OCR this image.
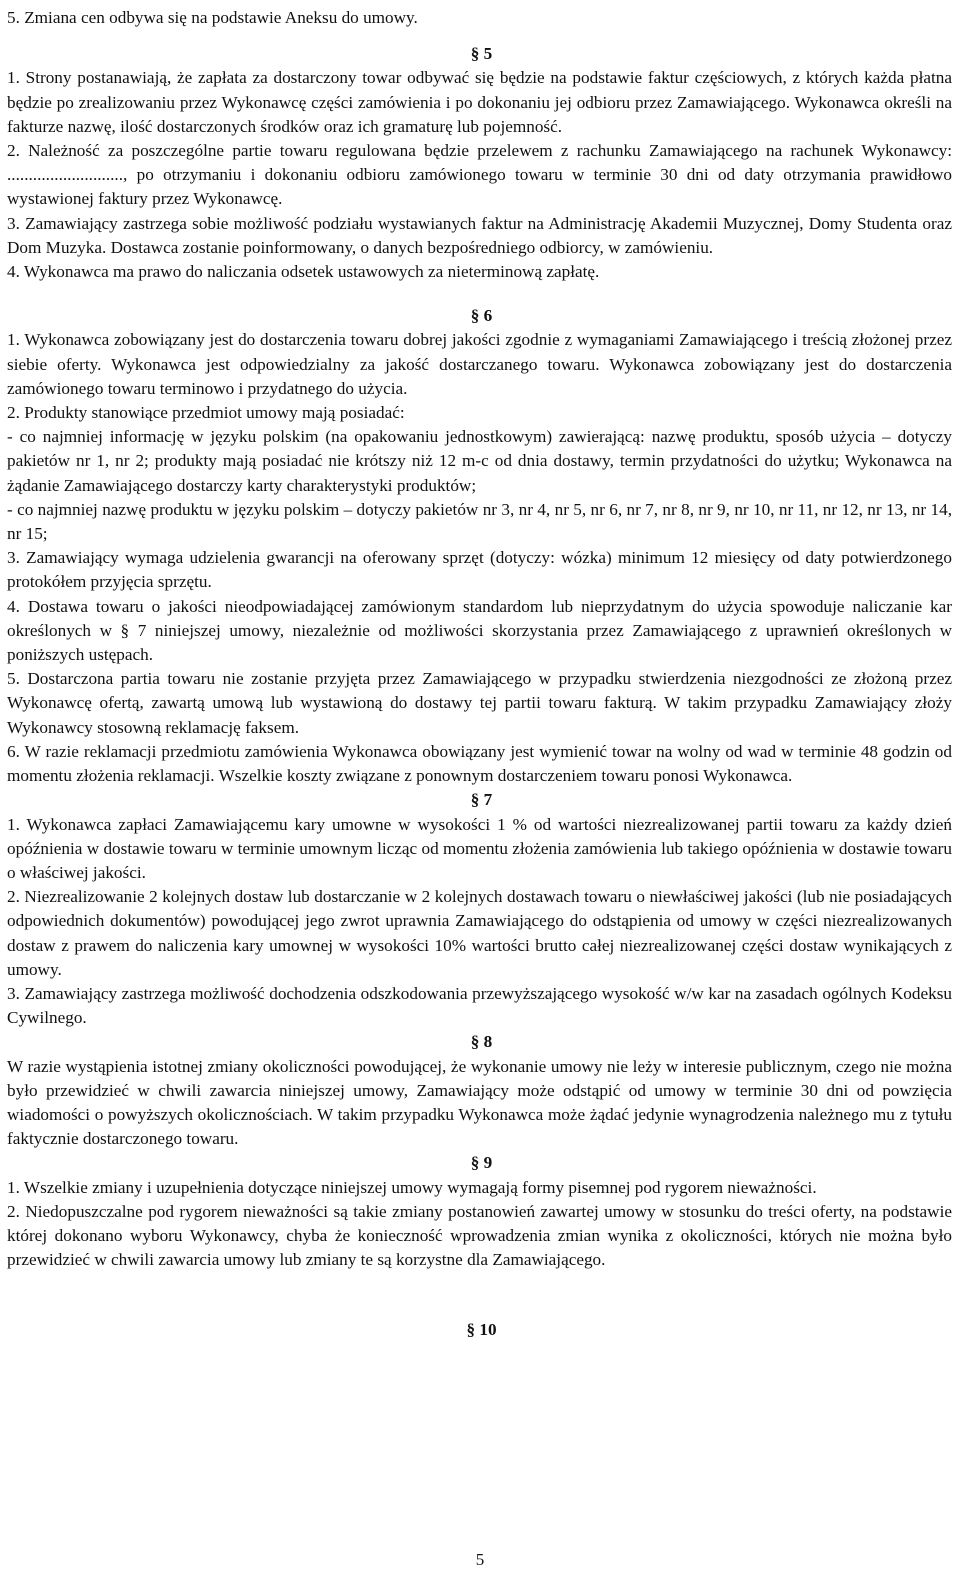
5. Zmiana cen odbywa się na podstawie Aneksu do umowy.

§ 5

1. Strony postanawiają, że zapłata za dostarczony towar odbywać się będzie na podstawie faktur częściowych, z których każda płatna będzie po zrealizowaniu przez Wykonawcę części zamówienia i po dokonaniu jej odbioru przez Zamawiającego. Wykonawca określi na fakturze nazwę, ilość dostarczonych środków oraz ich gramaturę lub pojemność.

2. Należność za poszczególne partie towaru regulowana będzie przelewem z rachunku Zamawiającego na rachunek Wykonawcy: ..........................., po otrzymaniu i dokonaniu odbioru zamówionego towaru w terminie 30 dni od daty otrzymania prawidłowo wystawionej faktury przez Wykonawcę.

3. Zamawiający zastrzega sobie możliwość podziału wystawianych faktur na Administrację Akademii Muzycznej, Domy Studenta oraz Dom Muzyka. Dostawca zostanie poinformowany, o danych bezpośredniego odbiorcy, w zamówieniu.

4. Wykonawca ma prawo do naliczania odsetek ustawowych za nieterminową zapłatę.

§ 6

1. Wykonawca zobowiązany jest do dostarczenia towaru dobrej jakości zgodnie z wymaganiami Zamawiającego i treścią złożonej przez siebie oferty. Wykonawca jest odpowiedzialny za jakość dostarczanego towaru. Wykonawca zobowiązany jest do dostarczenia zamówionego towaru terminowo i przydatnego do użycia.

2. Produkty stanowiące przedmiot umowy mają posiadać:

- co najmniej informację w języku polskim (na opakowaniu jednostkowym) zawierającą: nazwę produktu, sposób użycia – dotyczy pakietów nr 1, nr 2; produkty mają posiadać nie krótszy niż 12 m-c od dnia dostawy, termin przydatności do użytku; Wykonawca na żądanie Zamawiającego dostarczy karty charakterystyki produktów;

- co najmniej nazwę produktu w języku polskim – dotyczy pakietów nr 3, nr 4, nr 5, nr 6, nr 7, nr 8, nr 9, nr 10, nr 11, nr 12, nr 13, nr 14, nr 15;

3. Zamawiający wymaga udzielenia gwarancji na oferowany sprzęt (dotyczy: wózka) minimum 12 miesięcy od daty potwierdzonego protokółem przyjęcia sprzętu.

4. Dostawa towaru o jakości nieodpowiadającej zamówionym standardom lub nieprzydatnym do użycia spowoduje naliczanie kar określonych w § 7 niniejszej umowy, niezależnie od możliwości skorzystania przez Zamawiającego z uprawnień określonych w poniższych ustępach.

5. Dostarczona partia towaru nie zostanie przyjęta przez Zamawiającego w przypadku stwierdzenia niezgodności ze złożoną przez Wykonawcę ofertą, zawartą umową lub wystawioną do dostawy tej partii towaru fakturą. W takim przypadku Zamawiający złoży Wykonawcy stosowną reklamację faksem.

6. W razie reklamacji przedmiotu zamówienia Wykonawca obowiązany jest wymienić towar na wolny od wad w terminie 48 godzin od momentu złożenia reklamacji. Wszelkie koszty związane z ponownym dostarczeniem towaru ponosi Wykonawca.

§ 7

1. Wykonawca zapłaci Zamawiającemu kary umowne w wysokości 1 % od wartości niezrealizowanej partii towaru za każdy dzień opóźnienia w dostawie towaru w terminie umownym licząc od momentu złożenia zamówienia lub takiego opóźnienia w dostawie towaru o właściwej jakości.

2. Niezrealizowanie 2 kolejnych dostaw lub dostarczanie w 2 kolejnych dostawach towaru o niewłaściwej jakości (lub nie posiadających odpowiednich dokumentów) powodującej jego zwrot uprawnia Zamawiającego do odstąpienia od umowy w części niezrealizowanych dostaw z prawem do naliczenia kary umownej w wysokości 10% wartości brutto całej niezrealizowanej części dostaw wynikających z umowy.

3. Zamawiający zastrzega możliwość dochodzenia odszkodowania przewyższającego wysokość w/w kar na zasadach ogólnych Kodeksu Cywilnego.

§ 8

W razie wystąpienia istotnej zmiany okoliczności powodującej, że wykonanie umowy nie leży w interesie publicznym, czego nie można było przewidzieć w chwili zawarcia niniejszej umowy, Zamawiający może odstąpić od umowy w terminie 30 dni od powzięcia wiadomości o powyższych okolicznościach. W takim przypadku Wykonawca może żądać jedynie wynagrodzenia należnego mu z tytułu faktycznie dostarczonego towaru.

§ 9

1. Wszelkie zmiany i uzupełnienia dotyczące niniejszej umowy wymagają formy pisemnej pod rygorem nieważności.

2. Niedopuszczalne pod rygorem nieważności są takie zmiany postanowień zawartej umowy w stosunku do treści oferty, na podstawie której dokonano wyboru Wykonawcy, chyba że konieczność wprowadzenia zmian wynika z okoliczności, których nie można było przewidzieć w chwili zawarcia umowy lub zmiany te są korzystne dla Zamawiającego.

§ 10

5
